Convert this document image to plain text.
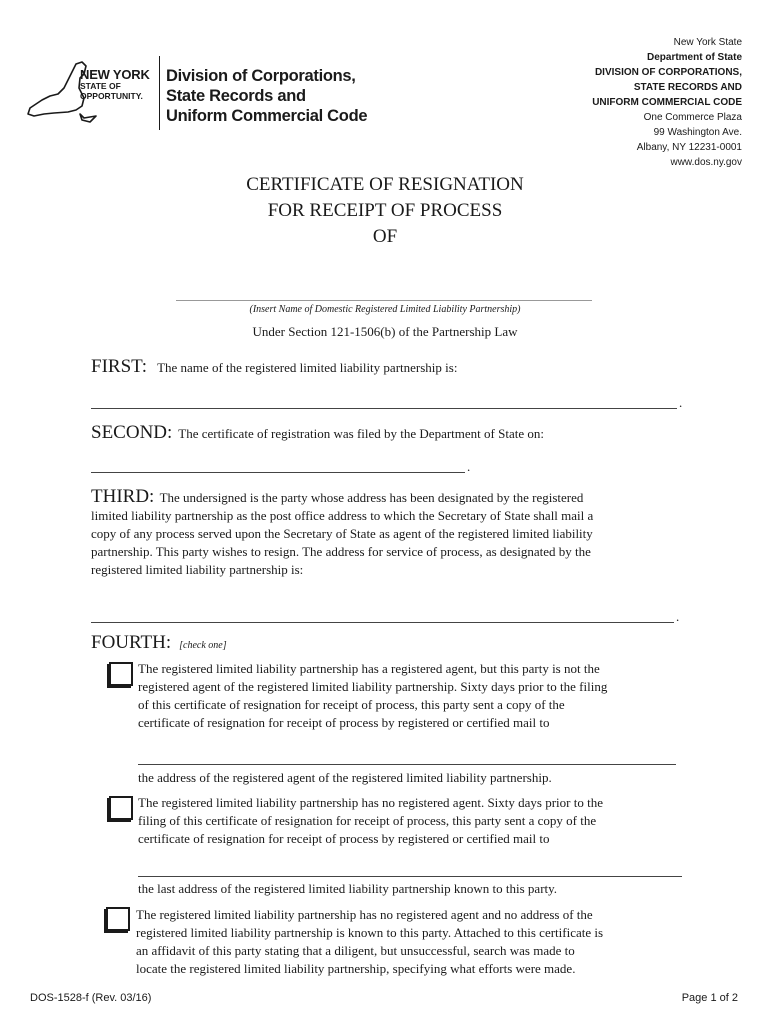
NEW YORK
STATE OF
OPPORTUNITY.
Division of Corporations,
State Records and
Uniform Commercial Code
New York State
Department of State
DIVISION OF CORPORATIONS,
STATE RECORDS AND
UNIFORM COMMERCIAL CODE
One Commerce Plaza
99 Washington Ave.
Albany, NY 12231-0001
www.dos.ny.gov
CERTIFICATE OF RESIGNATION
FOR RECEIPT OF PROCESS
OF
(Insert Name of Domestic Registered Limited Liability Partnership)
Under Section 121-1506(b) of the Partnership Law
FIRST: The name of the registered limited liability partnership is:
.
SECOND: The certificate of registration was filed by the Department of State on:
.
THIRD: The undersigned is the party whose address has been designated by the registered
limited liability partnership as the post office address to which the Secretary of State shall mail a
copy of any process served upon the Secretary of State as agent of the registered limited liability
partnership. This party wishes to resign. The address for service of process, as designated by the
registered limited liability partnership is:
.
FOURTH: [check one]
The registered limited liability partnership has a registered agent, but this party is not the
registered agent of the registered limited liability partnership. Sixty days prior to the filing
of this certificate of resignation for receipt of process, this party sent a copy of the
certificate of resignation for receipt of process by registered or certified mail to
the address of the registered agent of the registered limited liability partnership.
The registered limited liability partnership has no registered agent. Sixty days prior to the
filing of this certificate of resignation for receipt of process, this party sent a copy of the
certificate of resignation for receipt of process by registered or certified mail to
the last address of the registered limited liability partnership known to this party.
The registered limited liability partnership has no registered agent and no address of the
registered limited liability partnership is known to this party. Attached to this certificate is
an affidavit of this party stating that a diligent, but unsuccessful, search was made to
locate the registered limited liability partnership, specifying what efforts were made.
DOS-1528-f (Rev. 03/16)	Page 1 of 2
